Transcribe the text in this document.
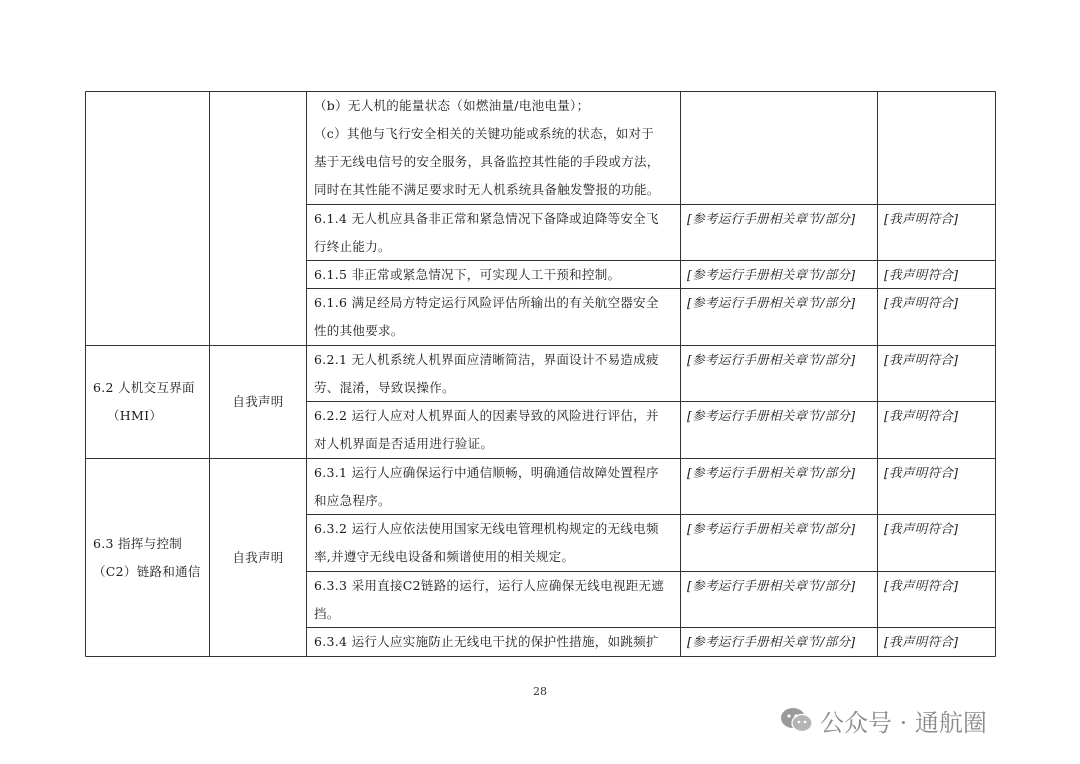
（b）无人机的能量状态（如燃油量/电池电量）；
（c）其他与飞行安全相关的关键功能或系统的状态，如对于
基于无线电信号的安全服务，具备监控其性能的手段或方法，
同时在其性能不满足要求时无人机系统具备触发警报的功能。
6.1.4 无人机应具备非正常和紧急情况下备降或迫降等安全飞
行终止能力。
[参考运行手册相关章节/部分]	[我声明符合]
6.1.5 非正常或紧急情况下，可实现人工干预和控制。	[参考运行手册相关章节/部分]	[我声明符合]
6.1.6 满足经局方特定运行风险评估所输出的有关航空器安全
性的其他要求。
[参考运行手册相关章节/部分]	[我声明符合]
6.2 人机交互界面
（HMI）
自我声明
6.2.1 无人机系统人机界面应清晰简洁，界面设计不易造成疲
劳、混淆，导致误操作。
[参考运行手册相关章节/部分]	[我声明符合]
6.2.2 运行人应对人机界面人的因素导致的风险进行评估，并
对人机界面是否适用进行验证。
[参考运行手册相关章节/部分]	[我声明符合]
6.3 指挥与控制
（C2）链路和通信
自我声明
6.3.1 运行人应确保运行中通信顺畅，明确通信故障处置程序
和应急程序。
[参考运行手册相关章节/部分]	[我声明符合]
6.3.2 运行人应依法使用国家无线电管理机构规定的无线电频
率,并遵守无线电设备和频谱使用的相关规定。
[参考运行手册相关章节/部分]	[我声明符合]
6.3.3 采用直接C2链路的运行，运行人应确保无线电视距无遮
挡。
[参考运行手册相关章节/部分]	[我声明符合]
6.3.4 运行人应实施防止无线电干扰的保护性措施，如跳频扩	[参考运行手册相关章节/部分]	[我声明符合]
28
公众号 · 通航圈
